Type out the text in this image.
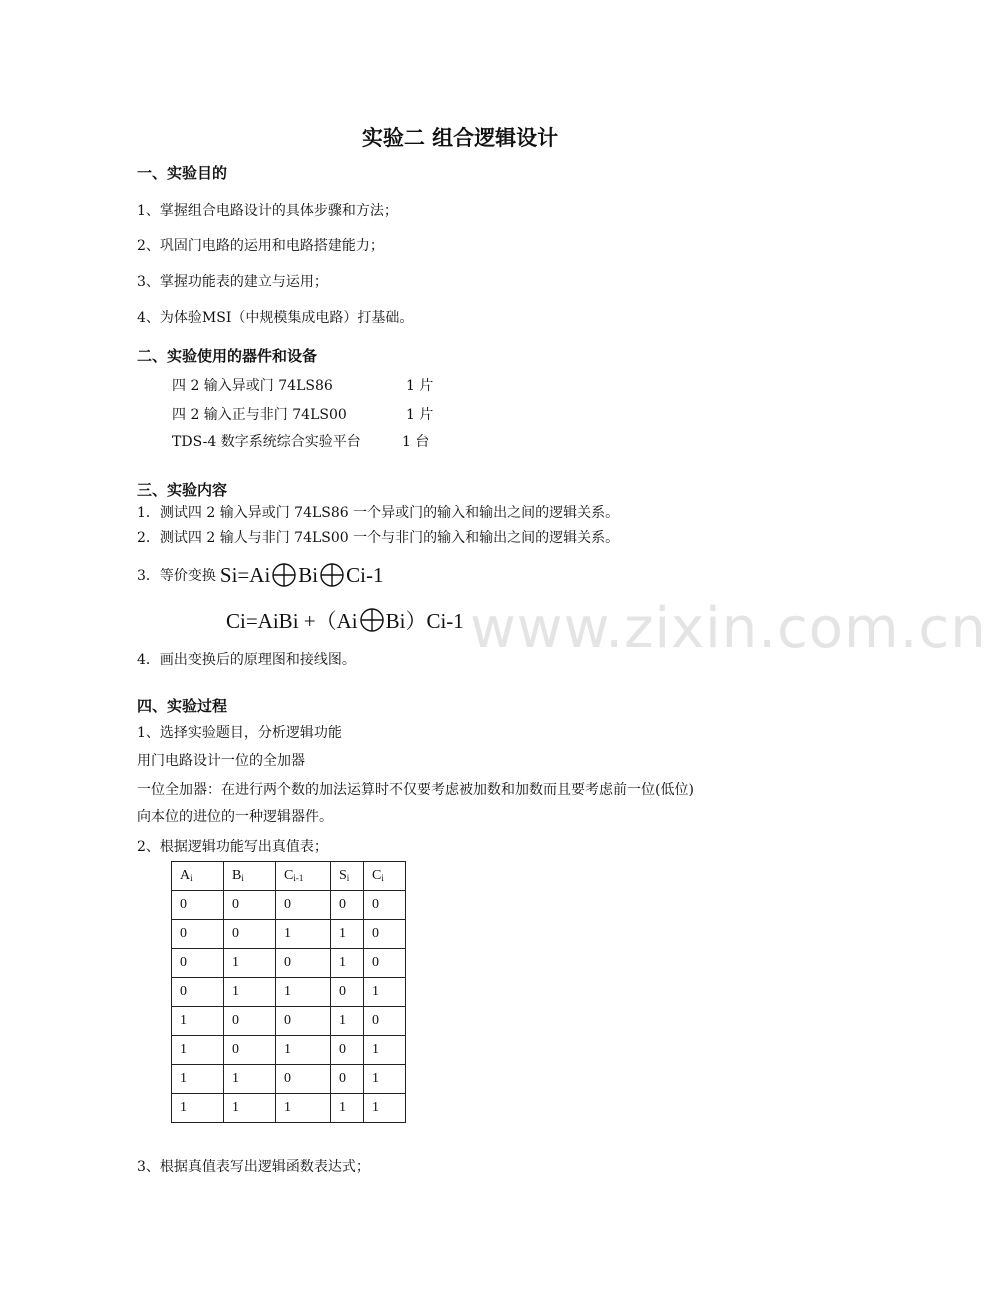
www.zixin.com.cn
实验二 组合逻辑设计
一、实验目的
1、掌握组合电路设计的具体步骤和方法；
2、巩固门电路的运用和电路搭建能力；
3、掌握功能表的建立与运用；
4、为体验MSI（中规模集成电路）打基础。
二、实验使用的器件和设备
四 2 输入异或门 74LS86	1 片
四 2 输入正与非门 74LS00	1 片
TDS-4 数字系统综合实验平台	1 台
三、实验内容
1．测试四 2 输入异或门 74LS86 一个异或门的输入和输出之间的逻辑关系。
2．测试四 2 输人与非门 74LS00 一个与非门的输入和输出之间的逻辑关系。
3．等价变换 Si=Ai Bi Ci-1
Ci=AiBi +（Ai Bi）Ci-1
4．画出变换后的原理图和接线图。
四、实验过程
1、选择实验题目，分析逻辑功能
用门电路设计一位的全加器
一位全加器：在进行两个数的加法运算时不仅要考虑被加数和加数而且要考虑前一位(低位)
向本位的进位的一种逻辑器件。
2、根据逻辑功能写出真值表；
$A_i$	$B_i$	$C_{i-1}$	$S_i$	$C_i$
0	0	0	0	0
0	0	1	1	0
0	1	0	1	0
0	1	1	0	1
1	0	0	1	0
1	0	1	0	1
1	1	0	0	1
1	1	1	1	1
3、根据真值表写出逻辑函数表达式；
